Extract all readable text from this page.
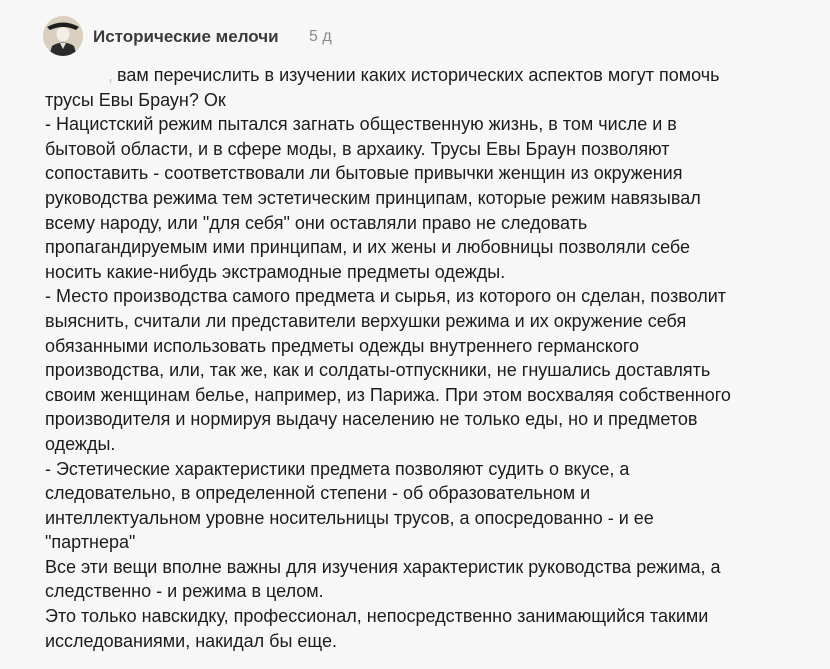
Исторические мелочи 5 д
, вам перечислить в изучении каких исторических аспектов могут помочь
трусы Евы Браун? Ок
- Нацистский режим пытался загнать общественную жизнь, в том числе и в
бытовой области, и в сфере моды, в архаику. Трусы Евы Браун позволяют
сопоставить - соответствовали ли бытовые привычки женщин из окружения
руководства режима тем эстетическим принципам, которые режим навязывал
всему народу, или "для себя" они оставляли право не следовать
пропагандируемым ими принципам, и их жены и любовницы позволяли себе
носить какие-нибудь экстрамодные предметы одежды.
- Место производства самого предмета и сырья, из которого он сделан, позволит
выяснить, считали ли представители верхушки режима и их окружение себя
обязанными использовать предметы одежды внутреннего германского
производства, или, так же, как и солдаты-отпускники, не гнушались доставлять
своим женщинам белье, например, из Парижа. При этом восхваляя собственного
производителя и нормируя выдачу населению не только еды, но и предметов
одежды.
- Эстетические характеристики предмета позволяют судить о вкусе, а
следовательно, в определенной степени - об образовательном и
интеллектуальном уровне носительницы трусов, а опосредованно - и ее
"партнера"
Все эти вещи вполне важны для изучения характеристик руководства режима, а
следственно - и режима в целом.
Это только навскидку, профессионал, непосредственно занимающийся такими
исследованиями, накидал бы еще.
